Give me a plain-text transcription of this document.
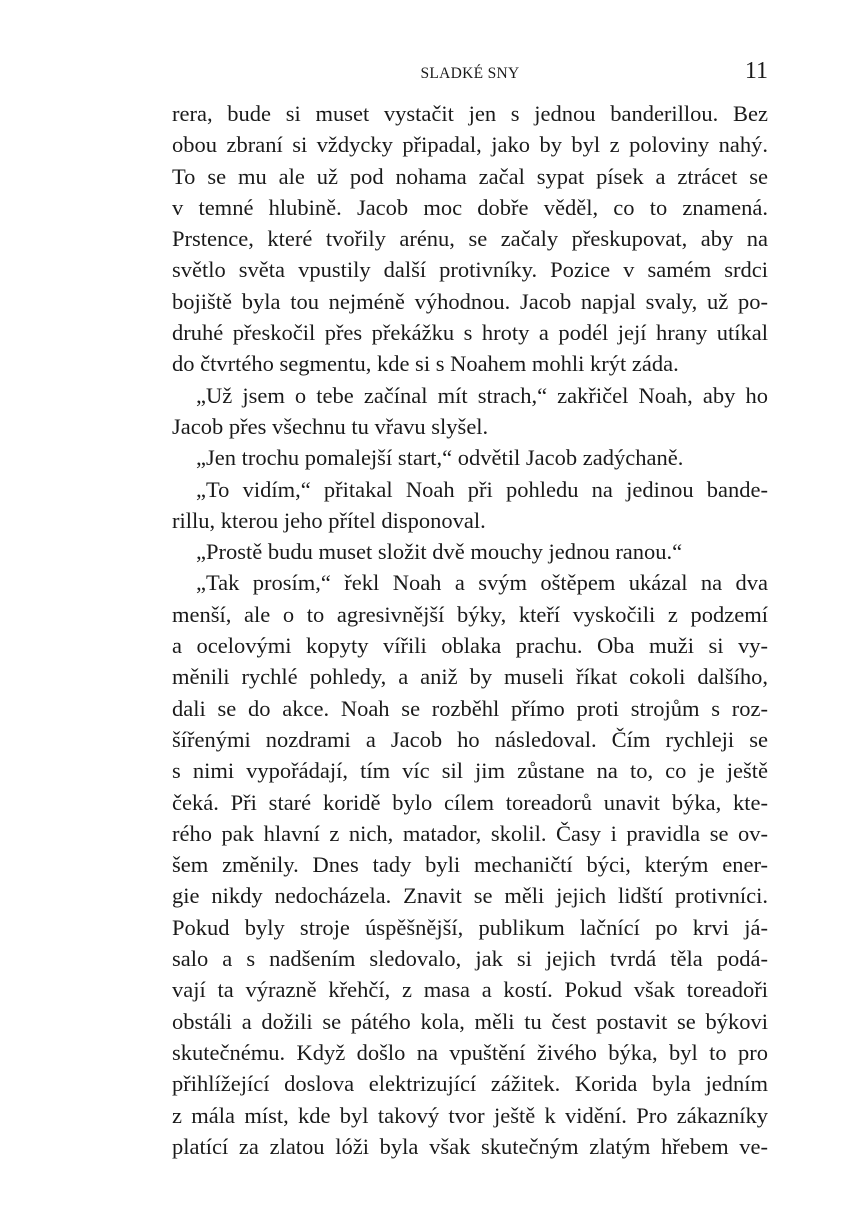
SLADKÉ SNY	11
rera, bude si muset vystačit jen s jednou banderillou. Bez
obou zbraní si vždycky připadal, jako by byl z poloviny nahý.
To se mu ale už pod nohama začal sypat písek a ztrácet se
v temné hlubině. Jacob moc dobře věděl, co to znamená.
Prstence, které tvořily arénu, se začaly přeskupovat, aby na
světlo světa vpustily další protivníky. Pozice v samém srdci
bojiště byla tou nejméně výhodnou. Jacob napjal svaly, už po-
druhé přeskočil přes překážku s hroty a podél její hrany utíkal
do čtvrtého segmentu, kde si s Noahem mohli krýt záda.
„Už jsem o tebe začínal mít strach,“ zakřičel Noah, aby ho
Jacob přes všechnu tu vřavu slyšel.
„Jen trochu pomalejší start,“ odvětil Jacob zadýchaně.
„To vidím,“ přitakal Noah při pohledu na jedinou bande-
rillu, kterou jeho přítel disponoval.
„Prostě budu muset složit dvě mouchy jednou ranou.“
„Tak prosím,“ řekl Noah a svým oštěpem ukázal na dva
menší, ale o to agresivnější býky, kteří vyskočili z podzemí
a ocelovými kopyty vířili oblaka prachu. Oba muži si vy-
měnili rychlé pohledy, a aniž by museli říkat cokoli dalšího,
dali se do akce. Noah se rozběhl přímo proti strojům s roz-
šířenými nozdrami a Jacob ho následoval. Čím rychleji se
s nimi vypořádají, tím víc sil jim zůstane na to, co je ještě
čeká. Při staré koridě bylo cílem toreadorů unavit býka, kte-
rého pak hlavní z nich, matador, skolil. Časy i pravidla se ov-
šem změnily. Dnes tady byli mechaničtí býci, kterým ener-
gie nikdy nedocházela. Znavit se měli jejich lidští protivníci.
Pokud byly stroje úspěšnější, publikum lačnící po krvi já-
salo a s nadšením sledovalo, jak si jejich tvrdá těla podá-
vají ta výrazně křehčí, z masa a kostí. Pokud však toreadoři
obstáli a dožili se pátého kola, měli tu čest postavit se býkovi
skutečnému. Když došlo na vpuštění živého býka, byl to pro
přihlížející doslova elektrizující zážitek. Korida byla jedním
z mála míst, kde byl takový tvor ještě k vidění. Pro zákazníky
platící za zlatou lóži byla však skutečným zlatým hřebem ve-
